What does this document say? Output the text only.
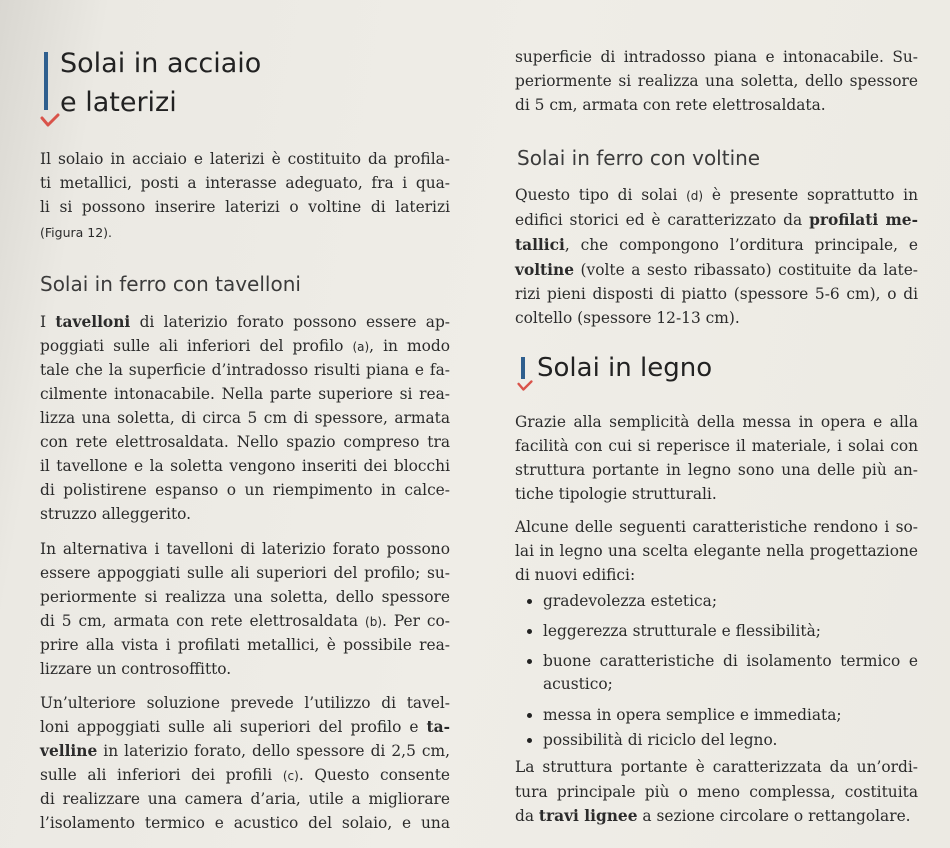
Solai in acciaio
e laterizi
Il solaio in acciaio e laterizi è costituito da profila-
ti metallici, posti a interasse adeguato, fra i qua-
li si possono inserire laterizi o voltine di laterizi
(Figura 12).
Solai in ferro con tavelloni
I tavelloni di laterizio forato possono essere ap-
poggiati sulle ali inferiori del profilo (a), in modo
tale che la superficie d’intradosso risulti piana e fa-
cilmente intonacabile. Nella parte superiore si rea-
lizza una soletta, di circa 5 cm di spessore, armata
con rete elettrosaldata. Nello spazio compreso tra
il tavellone e la soletta vengono inseriti dei blocchi
di polistirene espanso o un riempimento in calce-
struzzo alleggerito.
In alternativa i tavelloni di laterizio forato possono
essere appoggiati sulle ali superiori del profilo; su-
periormente si realizza una soletta, dello spessore
di 5 cm, armata con rete elettrosaldata (b). Per co-
prire alla vista i profilati metallici, è possibile rea-
lizzare un controsoffitto.
Un’ulteriore soluzione prevede l’utilizzo di tavel-
loni appoggiati sulle ali superiori del profilo e ta-
velline in laterizio forato, dello spessore di 2,5 cm,
sulle ali inferiori dei profili (c). Questo consente
di realizzare una camera d’aria, utile a migliorare
l’isolamento termico e acustico del solaio, e una
superficie di intradosso piana e intonacabile. Su-
periormente si realizza una soletta, dello spessore
di 5 cm, armata con rete elettrosaldata.
Solai in ferro con voltine
Questo tipo di solai (d) è presente soprattutto in
edifici storici ed è caratterizzato da profilati me-
tallici, che compongono l’orditura principale, e
voltine (volte a sesto ribassato) costituite da late-
rizi pieni disposti di piatto (spessore 5-6 cm), o di
coltello (spessore 12-13 cm).
Solai in legno
Grazie alla semplicità della messa in opera e alla
facilità con cui si reperisce il materiale, i solai con
struttura portante in legno sono una delle più an-
tiche tipologie strutturali.
Alcune delle seguenti caratteristiche rendono i so-
lai in legno una scelta elegante nella progettazione
di nuovi edifici:
gradevolezza estetica;
leggerezza strutturale e flessibilità;
buone caratteristiche di isolamento termico e
acustico;
messa in opera semplice e immediata;
possibilità di riciclo del legno.
La struttura portante è caratterizzata da un’ordi-
tura principale più o meno complessa, costituita
da travi lignee a sezione circolare o rettangolare.
